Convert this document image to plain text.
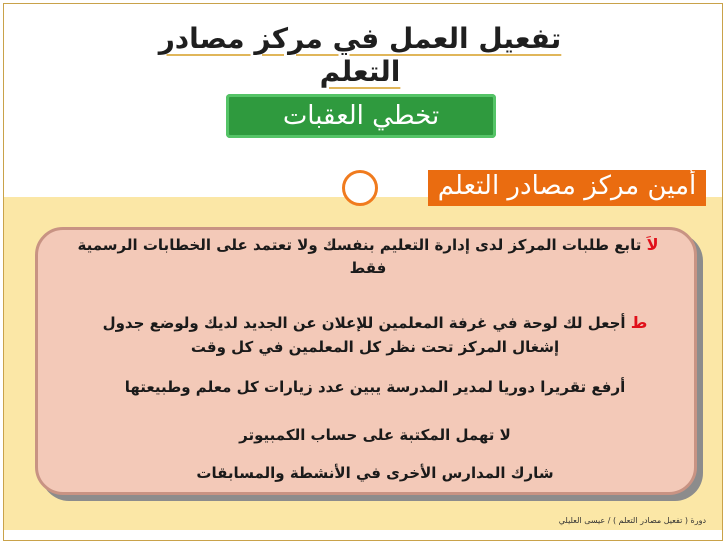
تفعيل العمل في مركز مصادر التعلم
تخطي العقبات
أمين مركز مصادر التعلم
لاَ تابع طلبات المركز لدى إدارة التعليم بنفسك ولا تعتمد على الخطابات الرسمية
فقط
ط أجعل لك لوحة في غرفة المعلمين للإعلان عن الجديد لديك ولوضع جدول
إشغال المركز تحت نظر كل المعلمين في كل وقت
أرفع تقريرا دوريا لمدير المدرسة يبين عدد زيارات كل معلم وطبيعتها
لا تهمل المكتبة على حساب الكمبيوتر
شارك المدارس الأخرى في الأنشطة والمسابقات
دورة ( تفعيل مصادر التعلم ) / عيسى العليلي
